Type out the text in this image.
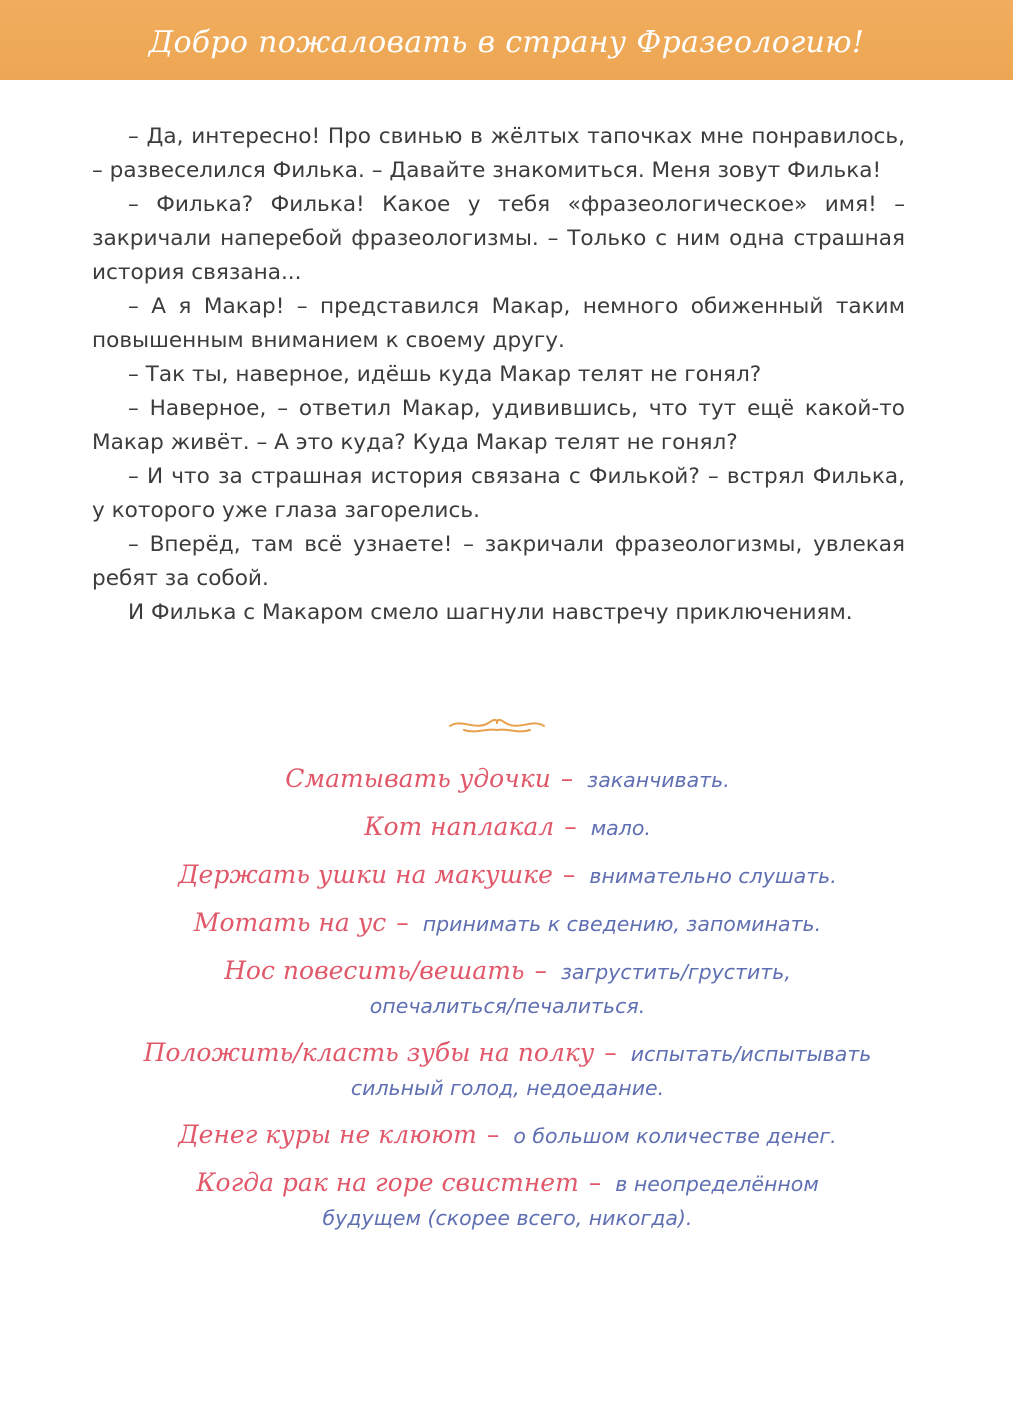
Добро пожаловать в страну Фразеологию!

– Да, интересно! Про свинью в жёлтых тапочках мне понравилось, – развеселился Филька. – Давайте знакомиться. Меня зовут Филька!

– Филька? Филька! Какое у тебя «фразеологическое» имя! – закричали наперебой фразеологизмы. – Только с ним одна страшная история связана...

– А я Макар! – представился Макар, немного обиженный таким повышенным вниманием к своему другу.

– Так ты, наверное, идёшь куда Макар телят не гонял?

– Наверное, – ответил Макар, удивившись, что тут ещё какой-то Макар живёт. – А это куда? Куда Макар телят не гонял?

– И что за страшная история связана с Филькой? – встрял Филька, у которого уже глаза загорелись.

– Вперёд, там всё узнаете! – закричали фразеологизмы, увлекая ребят за собой.

И Филька с Макаром смело шагнули навстречу приключениям.

Сматывать удочки – заканчивать.
Кот наплакал – мало.
Держать ушки на макушке – внимательно слушать.
Мотать на ус – принимать к сведению, запоминать.
Нос повесить/вешать – загрустить/грустить, опечалиться/печалиться.
Положить/класть зубы на полку – испытать/испытывать сильный голод, недоедание.
Денег куры не клюют – о большом количестве денег.
Когда рак на горе свистнет – в неопределённом будущем (скорее всего, никогда).
